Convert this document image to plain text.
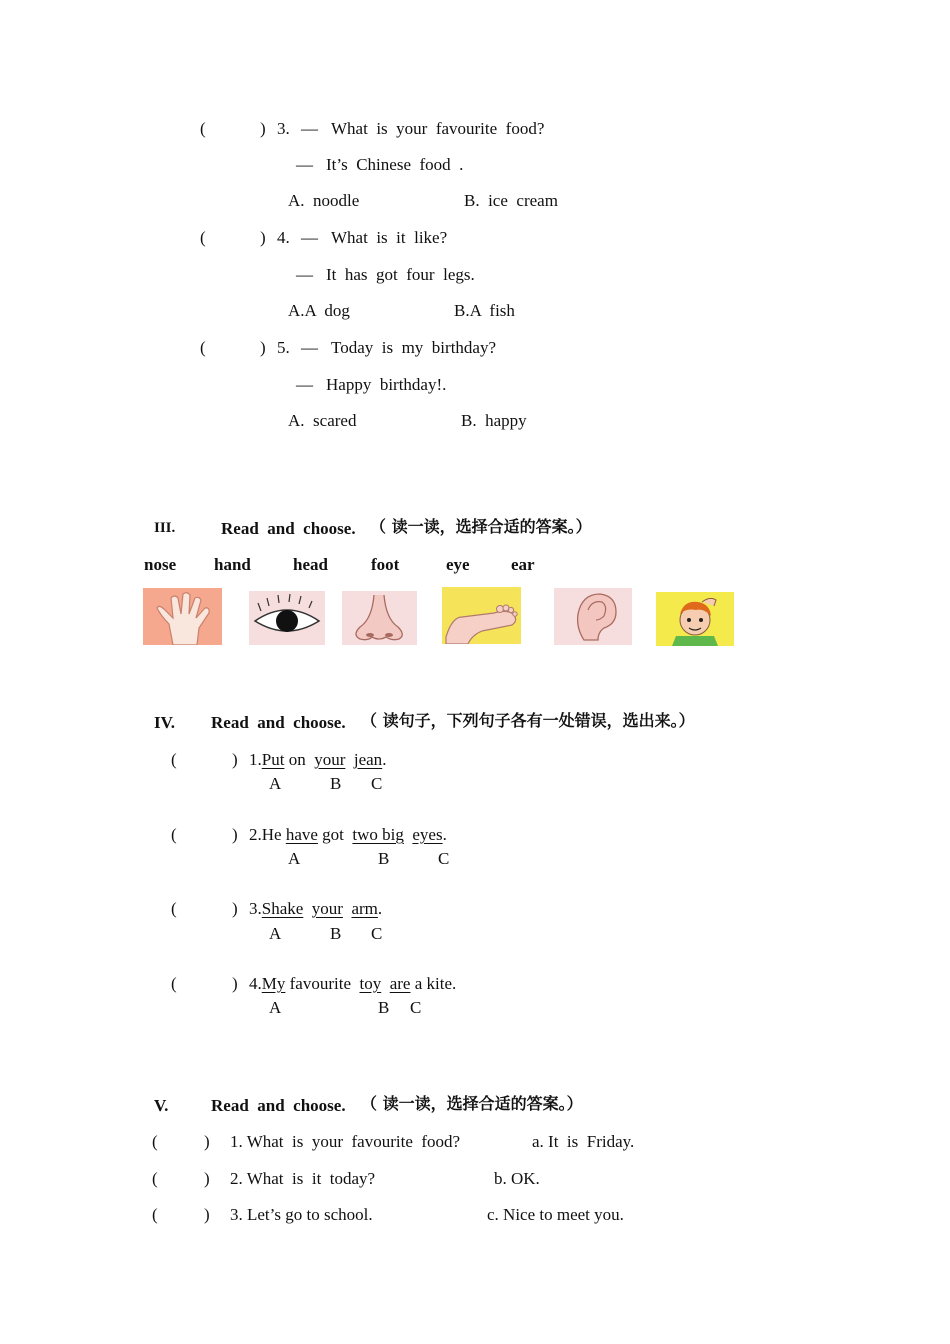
(	) 3. — What  is  your  favourite  food?
— It’s  Chinese  food  .
A.  noodle	B.  ice  cream
(	) 4. — What  is  it  like?
— It  has  got  four  legs.
A.A  dog	B.A  fish
(	) 5. — Today  is  my  birthday?
— Happy  birthday!.
A.  scared	B.  happy
III.	Read  and  choose. （ 读一读，选择合适的答案。）
nose hand head	foot	eye ear
IV. Read  and  choose. （ 读句子，下列句子各有一处错误，选出来。）
(	) 1.Put on  your jean.
A	B C
(	) 2.He have got  two big eyes.
A	B	C
(	) 3.Shake your arm.
A	B C
(	) 4.My favourite  toy are a kite.
A	B C
V.	Read  and  choose. （ 读一读，选择合适的答案。）
(	) 1. What  is  your  favourite  food?	a. It  is  Friday.
(	) 2. What  is  it  today?	b. OK.
(	) 3. Let’s go to school.	c. Nice to meet you.
